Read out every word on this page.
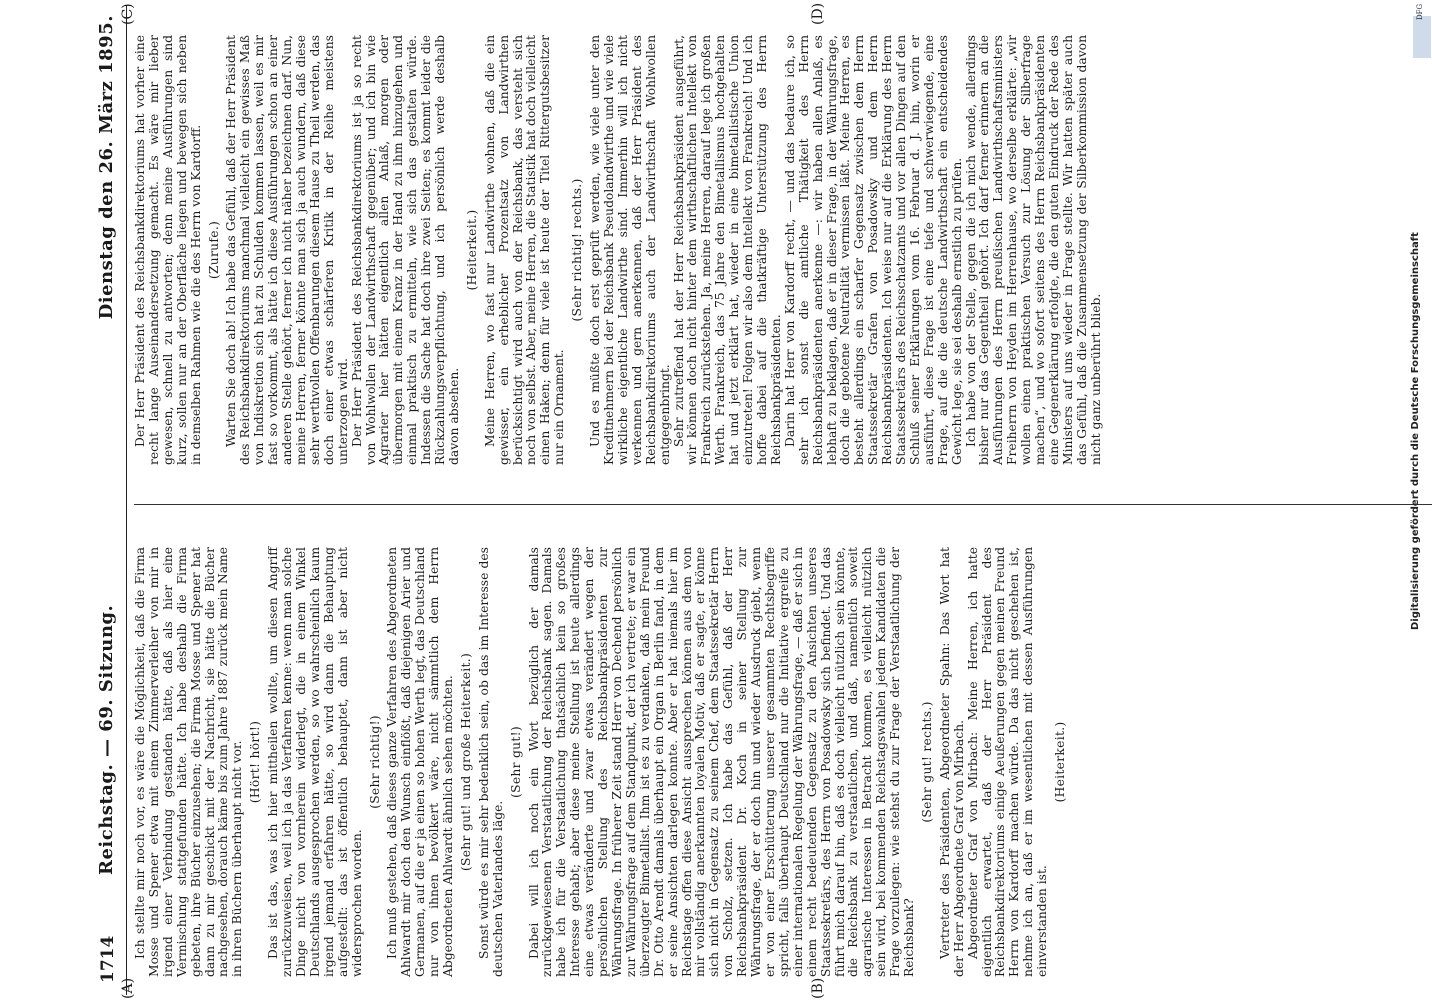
1714
Reichstag. — 69. Sitzung.
Dienstag den 26. März 1895.

Ich stellte mir noch vor, es wäre die Möglichkeit, daß die Firma Mosse und Spener etwa mit einem Zimmerverleiher von mir in irgend einer Verbindung gestanden hätte, daß als hier eine Vermischung stattgefunden hätte. Ich habe deshalb die Firma gebeten, ihre Bücher einzusehen; die Firma Mosse und Spener hat dann zu mir geschickt mit der Nachricht, sie hätte die Bücher nachgesehen, dorauch käme bis zum Jahre 1887 zurück mein Name in ihren Büchern überhaupt nicht vor. (Hört! hört!) Das ist das, was ich hier mittheilen wollte, um diesen Angriff zurückzuweisen, weil ich ja das Verfahren kenne: wenn man solche Dinge nicht von vornherein widerlegt, die in einem Winkel Deutschlands ausgesprochen werden, so wo wahrscheinlich kaum irgend jemand erfahren hätte, so wird dann die Behauptung aufgestellt: das ist öffentlich behauptet, dann ist aber nicht widersprochen worden.

(Sehr richtig!) Ich muß gestehen, daß dieses ganze Verfahren des Abgeordneten Ahlwardt mir doch den Wunsch einflößt, daß diejenigen Arier und Germanen, auf die er ja einen so hohen Werth legt, das Deutschland nur von ihnen bevölkert wäre, nicht sämmtlich dem Herrn Abgeordneten Ahlwardt ähnlich sehen möchten. (Sehr gut! und große Heiterkeit.) Sonst würde es mir sehr bedenklich sein, ob das im Interesse des deutschen Vaterlandes läge.

(Sehr gut!) Dabei will ich noch ein Wort bezüglich der damals zurückgewiesenen Verstaatlichung der Reichsbank sagen. Damals habe ich für die Verstaatlichung thatsächlich kein so großes Interesse gehabt; aber diese meine Stellung ist heute allerdings eine etwas veränderte und zwar etwas verändert wegen der persönlichen Stellung des Reichsbankpräsidenten zur Währungsfrage. In früherer Zeit stand Herr von Dechend persönlich zur Währungsfrage auf dem Standpunkt, der ich vertrete; er war ein überzeugter Bimetallist. Ihm ist es zu verdanken, daß mein Freund Dr. Otto Arendt damals überhaupt ein Organ in Berlin fand, in dem er seine Ansichten darlegen konnte. Aber er hat niemals hier im Reichstage offen diese Ansicht aussprechen können aus dem von mir vollständig anerkannten loyalen Motiv, daß er sagte, er könne sich nicht in Gegensatz zu seinem Chef, dem Staatssekretär Herrn von Scholz, setzen. Ich habe das Gefühl, daß der Herr Reichsbankpräsident Dr. Koch in seiner Stellung zur Währungsfrage, der er doch hin und wieder Ausdruck giebt, wenn er von einer Erschütterung unserer gesammten Rechtsbegriffe spricht, falls überhaupt Deutschland nur die Initiative ergreife zu einer internationalen Regelung der Währungsfrage, — daß er sich in einem recht bedeutenden Gegensatz zu den Ansichten unseres Staatssekretärs, des Herrn von Posadowsky sich befindet. Und das führt mich darauf hin, daß es doch vielleicht nützlich sein könnte, die Reichsbank zu verstaatlichen, und daß, namentlich soweit agrarische Interessen in Betracht kommen, es vielleicht nützlich sein wird, bei kommenden Reichstagswahlen jedem Kandidaten die Frage vorzulegen: wie stehst du zur Frage der Verstaatlichung der Reichsbank?

(Sehr gut! rechts.) Vertreter des Präsidenten, Abgeordneter Spahn: Das Wort hat der Herr Abgeordnete Graf von Mirbach. Abgeordneter Graf von Mirbach: Meine Herren, ich hatte eigentlich erwartet, daß der Herr Präsident des Reichsbankdirektoriums einige Aeußerungen gegen meinen Freund Herrn von Kardorff machen würde. Da das nicht geschehen ist, nehme ich an, daß er im wesentlichen mit dessen Ausführungen einverstanden ist.

(Heiterkeit.)

Der Herr Präsident des Reichsbankdirektoriums hat vorher eine recht lange Auseinandersetzung gemacht. Es wäre mir lieber gewesen, schnell zu antworten; denn meine Ausführungen sind kurz, sollen nur an der Oberfläche liegen und bewegen sich neben in demselben Rahmen wie die des Herrn von Kardorff. (Zurufe.) Warten Sie doch ab! Ich habe das Gefühl, daß der Herr Präsident des Reichsbankdirektoriums manchmal vielleicht ein gewisses Maß von Indiskretion sich hat zu Schulden kommen lassen, weil es mir fast so vorkommt, als hätte ich diese Ausführungen schon an einer anderen Stelle gehört, ferner ich nicht näher bezeichnen darf. Nun, meine Herren, ferner könnte man sich ja auch wundern, daß diese sehr werthvollen Offenbarungen diesem Hause zu Theil werden, das doch einer etwas schärferen Kritik in der Reihe meistens unterzogen wird. Der Herr Präsident des Reichsbankdirektoriums ist ja so recht von Wohlwollen der Landwirthschaft gegenüber; und ich bin wie Agrarier hier hätten eigentlich allen Anlaß, morgen oder übermorgen mit einem Kranz in der Hand zu ihm hinzugehen und einmal praktisch zu ermitteln, wie sich das gestalten würde. Indessen die Sache hat doch ihre zwei Seiten; es kommt leider die Rückzahlungsverpflichtung, und ich persönlich werde deshalb davon absehen.

(Heiterkeit.) Meine Herren, wo fast nur Landwirthe wohnen, daß die ein gewisser, ein erheblicher Prozentsatz von Landwirthen berücksichtigt wird auch von der Reichsbank, das versteht sich noch von selbst. Aber, meine Herren, die Statistik hat doch vielleicht einen Haken; denn für viele ist heute der Titel Rittergutsbesitzer nur ein Ornament.

(Sehr richtig! rechts.) Und es müßte doch erst geprüft werden, wie viele unter den Kreditnehmern bei der Reichsbank Pseudolandwirthe und wie viele wirkliche eigentliche Landwirthe sind. Immerhin will ich nicht verkennen und gern anerkennen, daß der Herr Präsident des Reichsbankdirektoriums auch der Landwirthschaft Wohlwollen entgegenbringt. Sehr zutreffend hat der Herr Reichsbankpräsident ausgeführt, wir können doch nicht hinter dem wirthschaftlichen Intellekt von Frankreich zurückstehen. Ja, meine Herren, darauf lege ich großen Werth. Frankreich, das 75 Jahre den Bimetallismus hochgehalten hat und jetzt erklärt hat, wieder in eine bimetallistische Union einzutreten! Folgen wir also dem Intellekt von Frankreich! Und ich hoffe dabei auf die thatkräftige Unterstützung des Herrn Reichsbankpräsidenten. Darin hat Herr von Kardorff recht, — und das bedaure ich, so sehr ich sonst die amtliche Thätigkeit des Herrn Reichsbankpräsidenten anerkenne —: wir haben allen Anlaß, es lebhaft zu beklagen, daß er in dieser Frage, in der Währungsfrage, doch die gebotene Neutralität vermissen läßt. Meine Herren, es besteht allerdings ein scharfer Gegensatz zwischen dem Herrn Staatssekretär Grafen von Posadowsky und dem Herrn Reichsbankpräsidenten. Ich weise nur auf die Erklärung des Herrn Staatssekretärs des Reichsschatzamts und vor allen Dingen auf den Schluß seiner Erklärungen vom 16. Februar d. J. hin, worin er ausführt, diese Frage ist eine tiefe und schwerwiegende, eine Frage, auf die die deutsche Landwirthschaft ein entscheidendes Gewicht lege, sie sei deshalb ernstlich zu prüfen. Ich habe von der Stelle, gegen die ich mich wende, allerdings bisher nur das Gegentheil gehört. Ich darf ferner erinnern an die Ausführungen des Herrn preußischen Landwirthschaftsministers Freiherrn von Heyden im Herrenhause, wo derselbe erklärte: „wir wollen einen praktischen Versuch zur Lösung der Silberfrage machen“, und wo sofort seitens des Herrn Reichsbankpräsidenten eine Gegenerklärung erfolgte, die den guten Eindruck der Rede des Ministers auf uns wieder in Frage stellte. Wir hatten später auch das Gefühl, daß die Zusammensetzung der Silberkommission davon nicht ganz unberührt blieb.

(A)	(B)
(C)	(D)
Digitalisierung gefördert durch die Deutsche Forschungsgemeinschaft
DFG
